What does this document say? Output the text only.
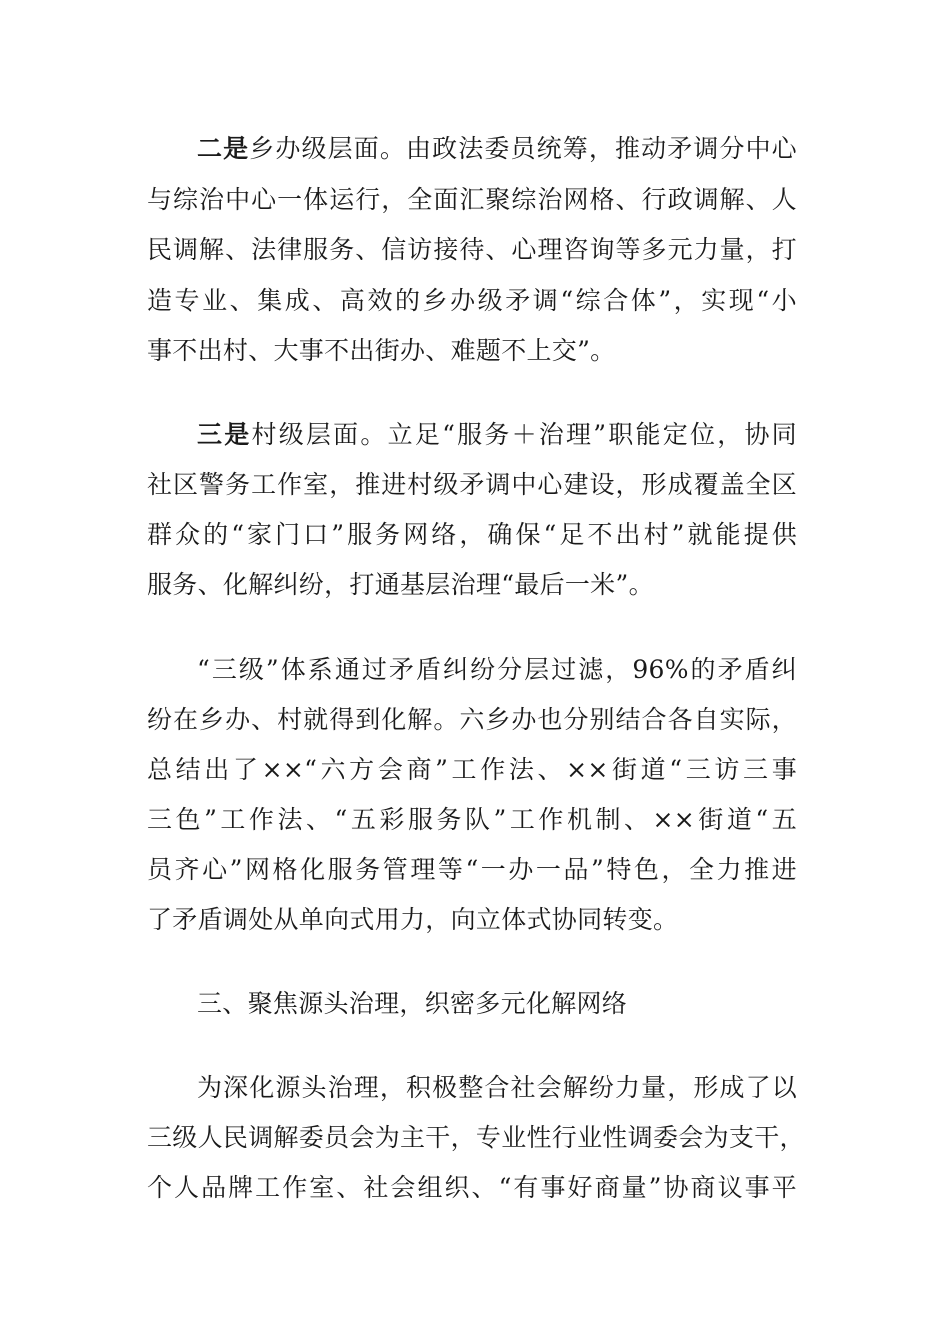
二是乡办级层面。由政法委员统筹，推动矛调分中心
与综治中心一体运行，全面汇聚综治网格、行政调解、人
民调解、法律服务、信访接待、心理咨询等多元力量，打
造专业、集成、高效的乡办级矛调“综合体”，实现“小
事不出村、大事不出街办、难题不上交”。
三是村级层面。立足“服务＋治理”职能定位，协同
社区警务工作室，推进村级矛调中心建设，形成覆盖全区
群众的“家门口”服务网络，确保“足不出村”就能提供
服务、化解纠纷，打通基层治理“最后一米”。
“三级”体系通过矛盾纠纷分层过滤，96%的矛盾纠
纷在乡办、村就得到化解。六乡办也分别结合各自实际，
总结出了××“六方会商”工作法、××街道“三访三事
三色”工作法、“五彩服务队”工作机制、××街道“五
员齐心”网格化服务管理等“一办一品”特色，全力推进
了矛盾调处从单向式用力，向立体式协同转变。
三、聚焦源头治理，织密多元化解网络
为深化源头治理，积极整合社会解纷力量，形成了以
三级人民调解委员会为主干，专业性行业性调委会为支干，
个人品牌工作室、社会组织、“有事好商量”协商议事平
